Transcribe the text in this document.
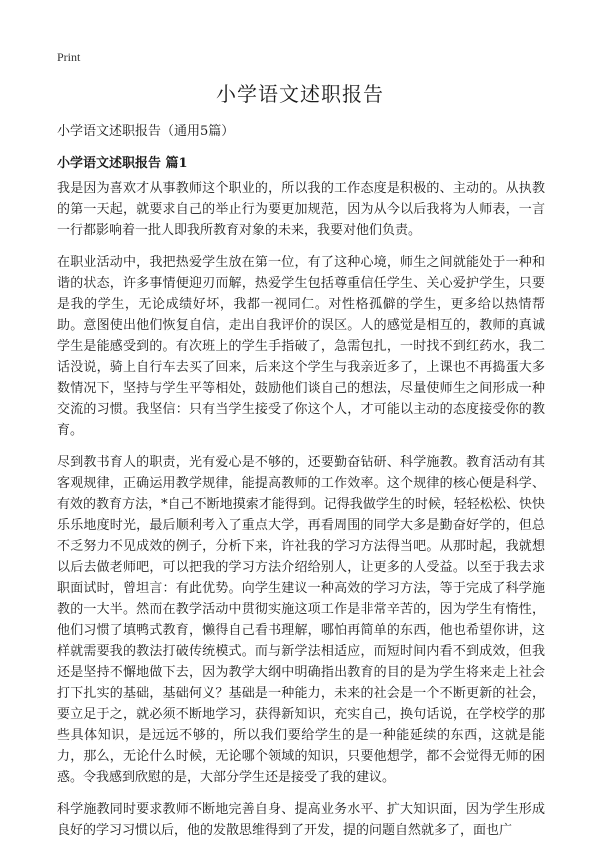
Print
小学语文述职报告
小学语文述职报告（通用5篇）
小学语文述职报告 篇1

我是因为喜欢才从事教师这个职业的，所以我的工作态度是积极的、主动的。从执教的第一天起，就要求自己的举止行为要更加规范，因为从今以后我将为人师表，一言一行都影响着一批人即我所教育对象的未来，我要对他们负责。

在职业活动中，我把热爱学生放在第一位，有了这种心境，师生之间就能处于一种和谐的状态，许多事情便迎刃而解，热爱学生包括尊重信任学生、关心爱护学生，只要是我的学生，无论成绩好坏，我都一视同仁。对性格孤僻的学生，更多给以热情帮助。意图使出他们恢复自信，走出自我评价的误区。人的感觉是相互的，教师的真诚学生是能感受到的。有次班上的学生手指破了，急需包扎，一时找不到红药水，我二话没说，骑上自行车去买了回来，后来这个学生与我亲近多了，上课也不再捣蛋大多数情况下，坚持与学生平等相处，鼓励他们谈自己的想法，尽量使师生之间形成一种交流的习惯。我坚信：只有当学生接受了你这个人，才可能以主动的态度接受你的教育。

尽到教书育人的职责，光有爱心是不够的，还要勤奋钻研、科学施教。教育活动有其客观规律，正确运用教学规律，能提高教师的工作效率。这个规律的核心便是科学、有效的教育方法，*自己不断地摸索才能得到。记得我做学生的时候，轻轻松松、快快乐乐地度时光，最后顺利考入了重点大学，再看周围的同学大多是勤奋好学的，但总不乏努力不见成效的例子，分析下来，许社我的学习方法得当吧。从那时起，我就想以后去做老师吧，可以把我的学习方法介绍给别人，让更多的人受益。以至于我去求职面试时，曾坦言：有此优势。向学生建议一种高效的学习方法，等于完成了科学施教的一大半。然而在教学活动中贯彻实施这项工作是非常辛苦的，因为学生有惰性，他们习惯了填鸭式教育，懒得自己看书理解，哪怕再简单的东西，他也希望你讲，这样就需要我的教法打破传统模式。而与新学法相适应，而短时间内看不到成效，但我还是坚持不懈地做下去，因为教学大纲中明确指出教育的目的是为学生将来走上社会打下扎实的基础，基础何义？基础是一种能力，未来的社会是一个不断更新的社会，要立足于之，就必须不断地学习，获得新知识，充实自己，换句话说，在学校学的那些具体知识，是远远不够的，所以我们要给学生的是一种能延续的东西，这就是能力，那么，无论什么时候，无论哪个领域的知识，只要他想学，都不会觉得无师的困惑。令我感到欣慰的是，大部分学生还是接受了我的建议。

科学施教同时要求教师不断地完善自身、提高业务水平、扩大知识面，因为学生形成良好的学习习惯以后，他的发散思维得到了开发，提的问题自然就多了，面也广
